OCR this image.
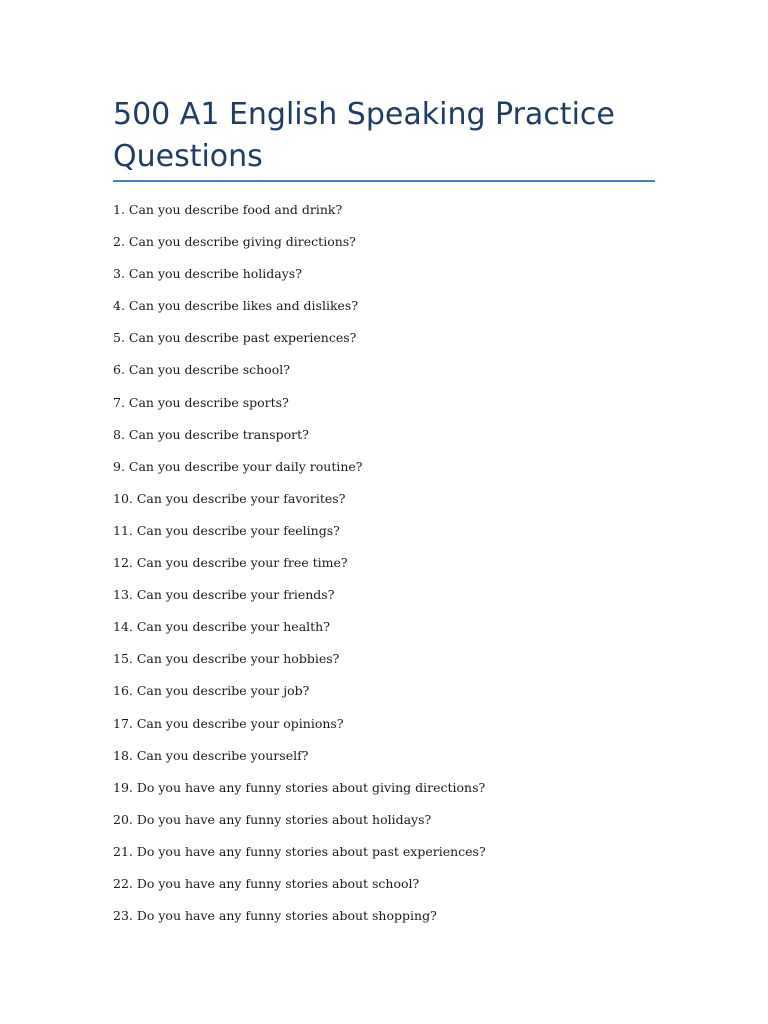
500 A1 English Speaking Practice Questions
1. Can you describe food and drink?
2. Can you describe giving directions?
3. Can you describe holidays?
4. Can you describe likes and dislikes?
5. Can you describe past experiences?
6. Can you describe school?
7. Can you describe sports?
8. Can you describe transport?
9. Can you describe your daily routine?
10. Can you describe your favorites?
11. Can you describe your feelings?
12. Can you describe your free time?
13. Can you describe your friends?
14. Can you describe your health?
15. Can you describe your hobbies?
16. Can you describe your job?
17. Can you describe your opinions?
18. Can you describe yourself?
19. Do you have any funny stories about giving directions?
20. Do you have any funny stories about holidays?
21. Do you have any funny stories about past experiences?
22. Do you have any funny stories about school?
23. Do you have any funny stories about shopping?
